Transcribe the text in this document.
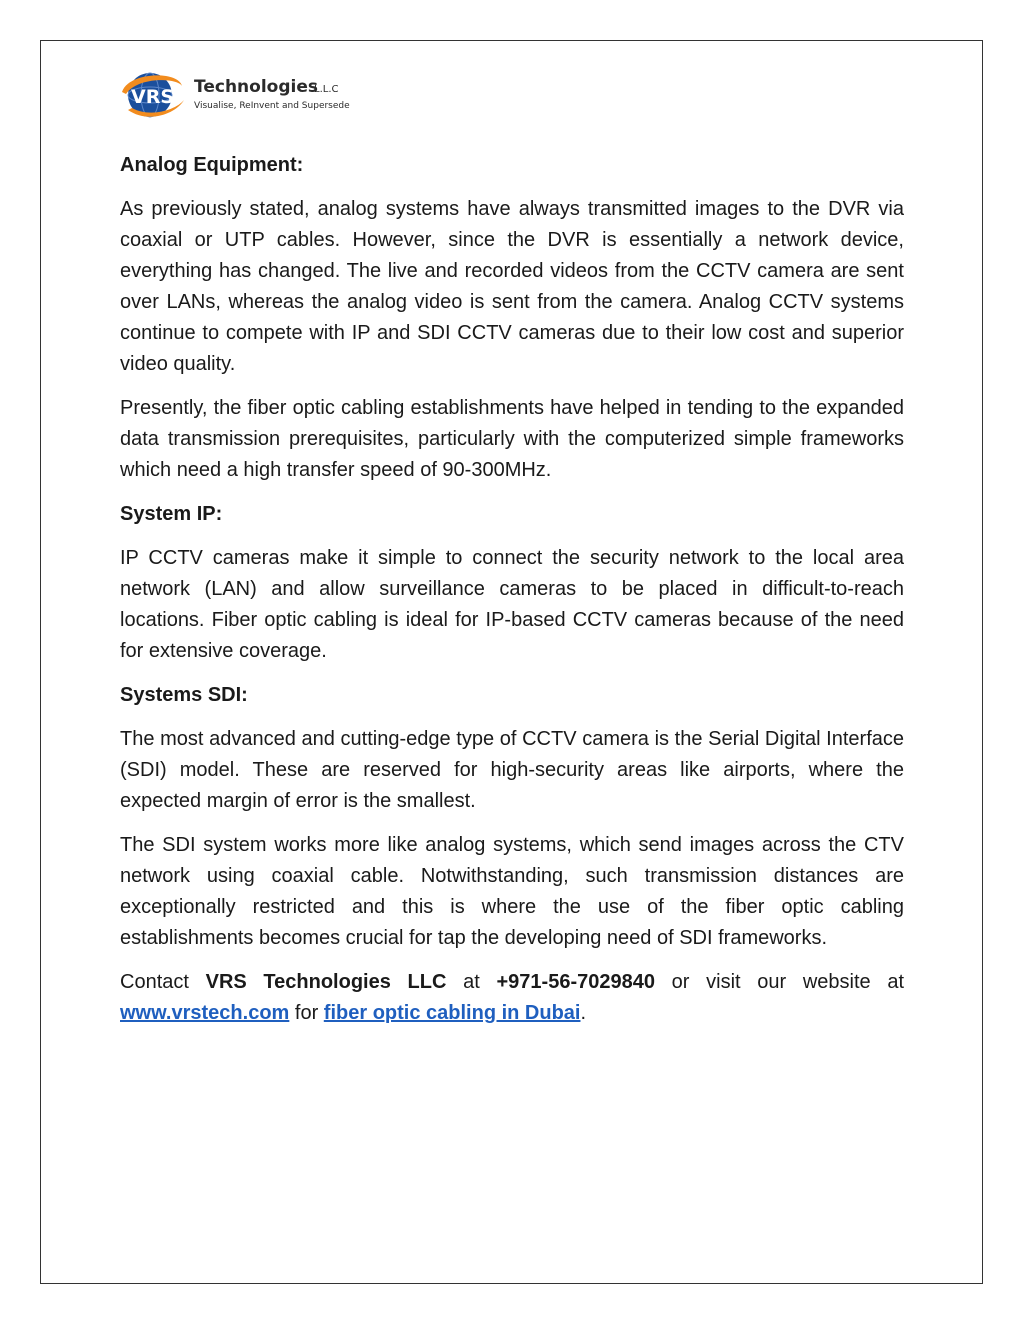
VRS Technologies
L.L.C
Visualise, ReInvent and Supersede

Analog Equipment:

As previously stated, analog systems have always transmitted images to the DVR via coaxial or UTP cables. However, since the DVR is essentially a network device, everything has changed. The live and recorded videos from the CCTV camera are sent over LANs, whereas the analog video is sent from the camera. Analog CCTV systems continue to compete with IP and SDI CCTV cameras due to their low cost and superior video quality.

Presently, the fiber optic cabling establishments have helped in tending to the expanded data transmission prerequisites, particularly with the computerized simple frameworks which need a high transfer speed of 90-300MHz.

System IP:

IP CCTV cameras make it simple to connect the security network to the local area network (LAN) and allow surveillance cameras to be placed in difficult-to-reach locations. Fiber optic cabling is ideal for IP-based CCTV cameras because of the need for extensive coverage.

Systems SDI:

The most advanced and cutting-edge type of CCTV camera is the Serial Digital Interface (SDI) model. These are reserved for high-security areas like airports, where the expected margin of error is the smallest.

The SDI system works more like analog systems, which send images across the CTV network using coaxial cable. Notwithstanding, such transmission distances are exceptionally restricted and this is where the use of the fiber optic cabling establishments becomes crucial for tap the developing need of SDI frameworks.

Contact VRS Technologies LLC at +971-56-7029840 or visit our website at www.vrstech.com for fiber optic cabling in Dubai.
